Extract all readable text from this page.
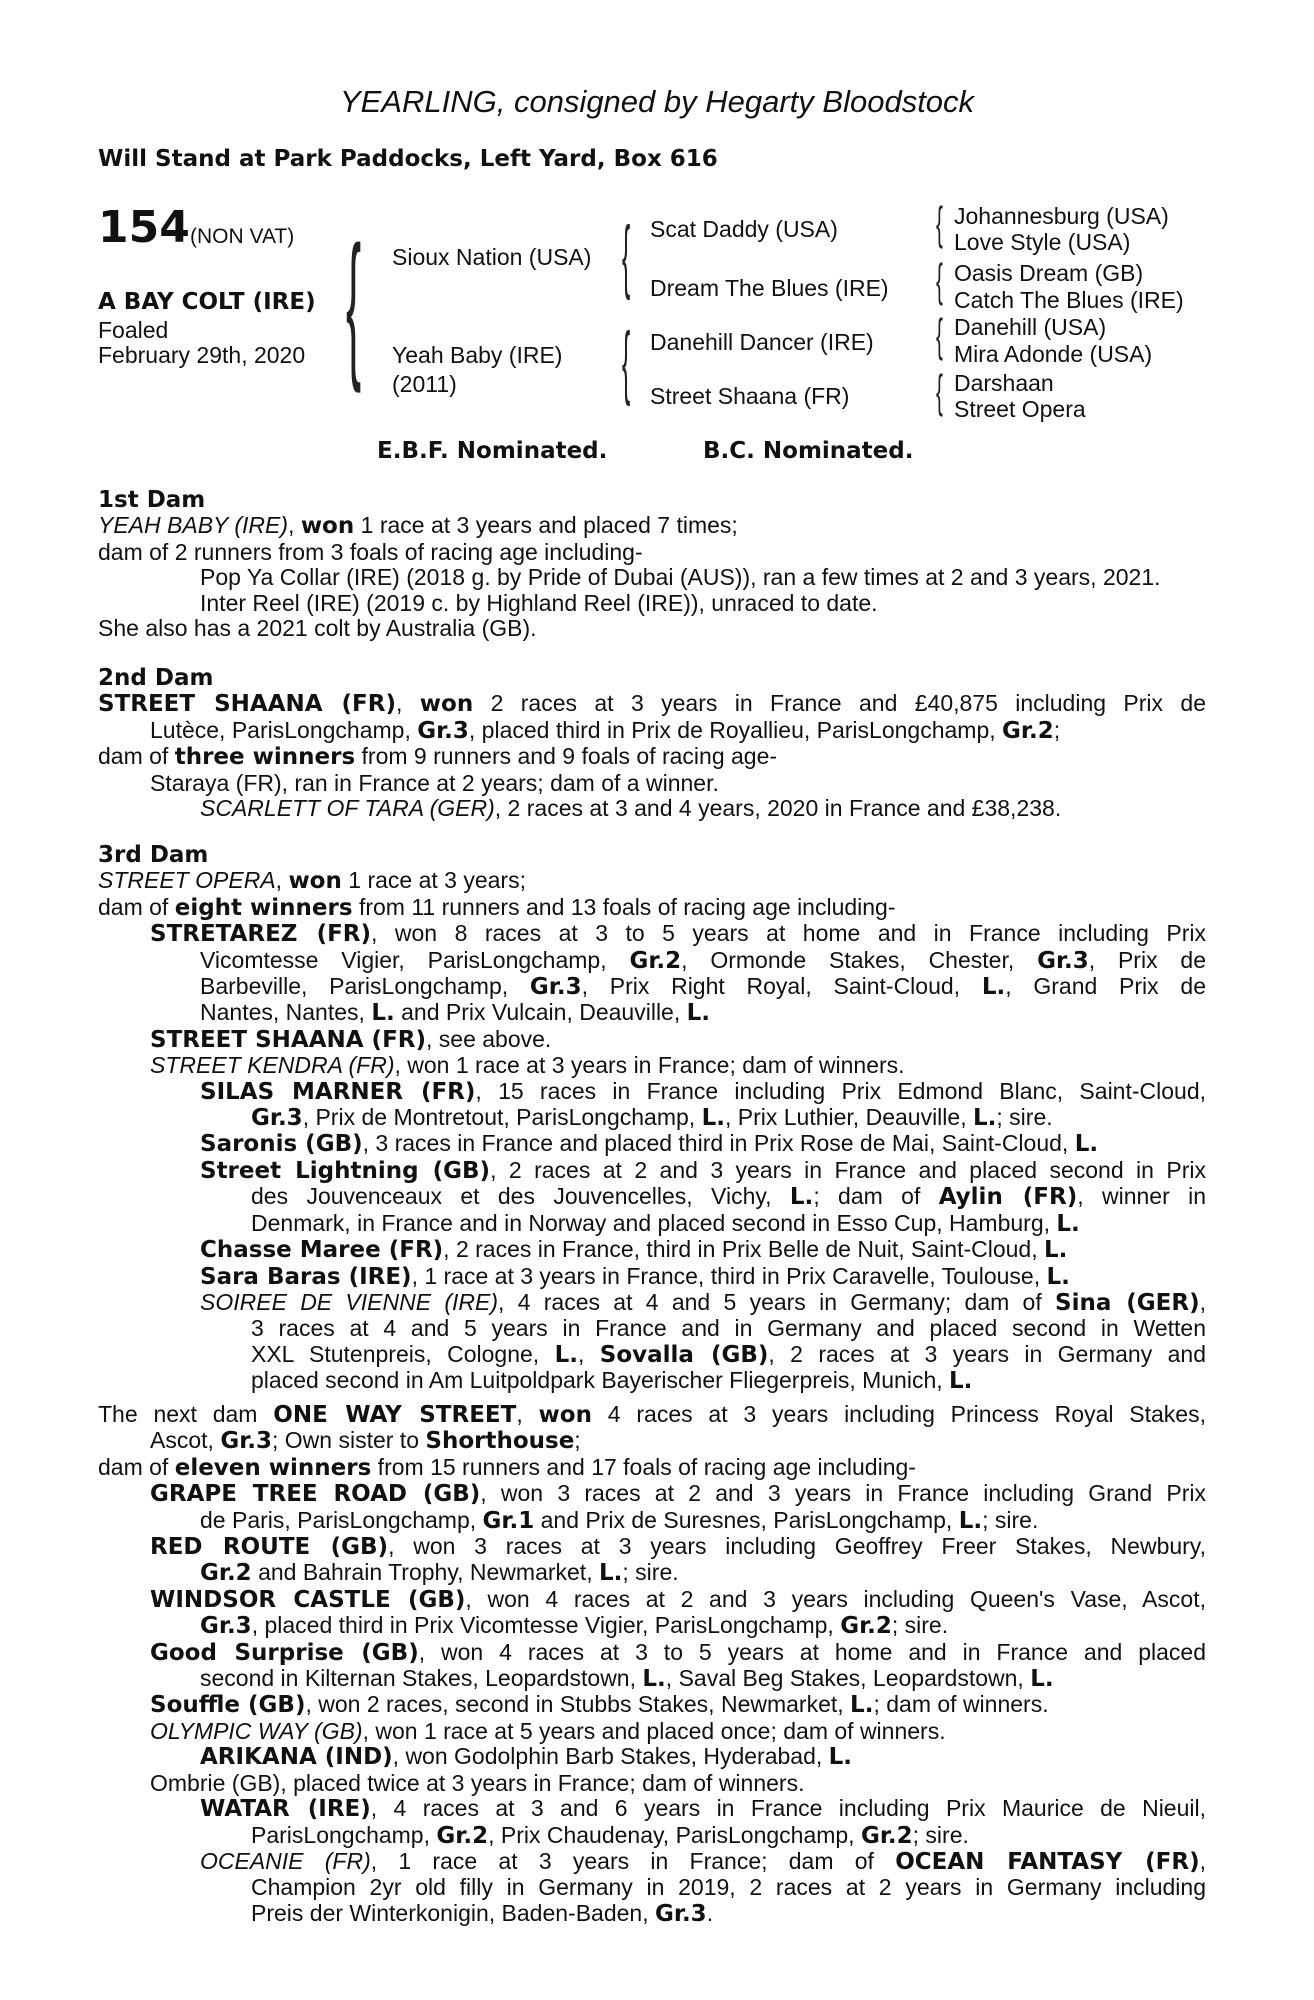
YEARLING, consigned by Hegarty Bloodstock
Will Stand at Park Paddocks, Left Yard, Box 616
154 (NON VAT)
A BAY COLT (IRE)
Foaled
February 29th, 2020 { Sioux Nation (USA)
Yeah Baby (IRE)
(2011)
{ Scat Daddy (USA)
Dream The Blues (IRE)
{ Danehill Dancer (IRE)
Street Shaana (FR)
{
{
{
{
Johannesburg (USA)
Love Style (USA)
Oasis Dream (GB)
Catch The Blues (IRE)
Danehill (USA)
Mira Adonde (USA)
Darshaan
Street Opera
E.B.F. Nominated.	B.C. Nominated.
1st Dam
YEAH BABY (IRE), won 1 race at 3 years and placed 7 times;
dam of 2 runners from 3 foals of racing age including-
Pop Ya Collar (IRE) (2018 g. by Pride of Dubai (AUS)), ran a few times at 2 and 3 years, 2021.
Inter Reel (IRE) (2019 c. by Highland Reel (IRE)), unraced to date.
She also has a 2021 colt by Australia (GB).
2nd Dam
STREET SHAANA (FR), won 2 races at 3 years in France and £40,875 including Prix de
Lutèce, ParisLongchamp, Gr.3, placed third in Prix de Royallieu, ParisLongchamp, Gr.2;
dam of three winners from 9 runners and 9 foals of racing age-
Staraya (FR), ran in France at 2 years; dam of a winner.
SCARLETT OF TARA (GER), 2 races at 3 and 4 years, 2020 in France and £38,238.
3rd Dam
STREET OPERA, won 1 race at 3 years;
dam of eight winners from 11 runners and 13 foals of racing age including-
STRETAREZ (FR), won 8 races at 3 to 5 years at home and in France including Prix
Vicomtesse Vigier, ParisLongchamp, Gr.2, Ormonde Stakes, Chester, Gr.3, Prix de
Barbeville, ParisLongchamp, Gr.3, Prix Right Royal, Saint-Cloud, L., Grand Prix de
Nantes, Nantes, L. and Prix Vulcain, Deauville, L.
STREET SHAANA (FR), see above.
STREET KENDRA (FR), won 1 race at 3 years in France; dam of winners.
SILAS MARNER (FR), 15 races in France including Prix Edmond Blanc, Saint-Cloud,
Gr.3, Prix de Montretout, ParisLongchamp, L., Prix Luthier, Deauville, L.; sire.
Saronis (GB), 3 races in France and placed third in Prix Rose de Mai, Saint-Cloud, L.
Street Lightning (GB), 2 races at 2 and 3 years in France and placed second in Prix
des Jouvenceaux et des Jouvencelles, Vichy, L.; dam of Aylin (FR), winner in
Denmark, in France and in Norway and placed second in Esso Cup, Hamburg, L.
Chasse Maree (FR), 2 races in France, third in Prix Belle de Nuit, Saint-Cloud, L.
Sara Baras (IRE), 1 race at 3 years in France, third in Prix Caravelle, Toulouse, L.
SOIREE DE VIENNE (IRE), 4 races at 4 and 5 years in Germany; dam of Sina (GER),
3 races at 4 and 5 years in France and in Germany and placed second in Wetten
XXL Stutenpreis, Cologne, L., Sovalla (GB), 2 races at 3 years in Germany and
placed second in Am Luitpoldpark Bayerischer Fliegerpreis, Munich, L.
The next dam ONE WAY STREET, won 4 races at 3 years including Princess Royal Stakes,
Ascot, Gr.3; Own sister to Shorthouse;
dam of eleven winners from 15 runners and 17 foals of racing age including-
GRAPE TREE ROAD (GB), won 3 races at 2 and 3 years in France including Grand Prix
de Paris, ParisLongchamp, Gr.1 and Prix de Suresnes, ParisLongchamp, L.; sire.
RED ROUTE (GB), won 3 races at 3 years including Geoffrey Freer Stakes, Newbury,
Gr.2 and Bahrain Trophy, Newmarket, L.; sire.
WINDSOR CASTLE (GB), won 4 races at 2 and 3 years including Queen's Vase, Ascot,
Gr.3, placed third in Prix Vicomtesse Vigier, ParisLongchamp, Gr.2; sire.
Good Surprise (GB), won 4 races at 3 to 5 years at home and in France and placed
second in Kilternan Stakes, Leopardstown, L., Saval Beg Stakes, Leopardstown, L.
Souffle (GB), won 2 races, second in Stubbs Stakes, Newmarket, L.; dam of winners.
OLYMPIC WAY (GB), won 1 race at 5 years and placed once; dam of winners.
ARIKANA (IND), won Godolphin Barb Stakes, Hyderabad, L.
Ombrie (GB), placed twice at 3 years in France; dam of winners.
WATAR (IRE), 4 races at 3 and 6 years in France including Prix Maurice de Nieuil,
ParisLongchamp, Gr.2, Prix Chaudenay, ParisLongchamp, Gr.2; sire.
OCEANIE (FR), 1 race at 3 years in France; dam of OCEAN FANTASY (FR),
Champion 2yr old filly in Germany in 2019, 2 races at 2 years in Germany including
Preis der Winterkonigin, Baden-Baden, Gr.3.
